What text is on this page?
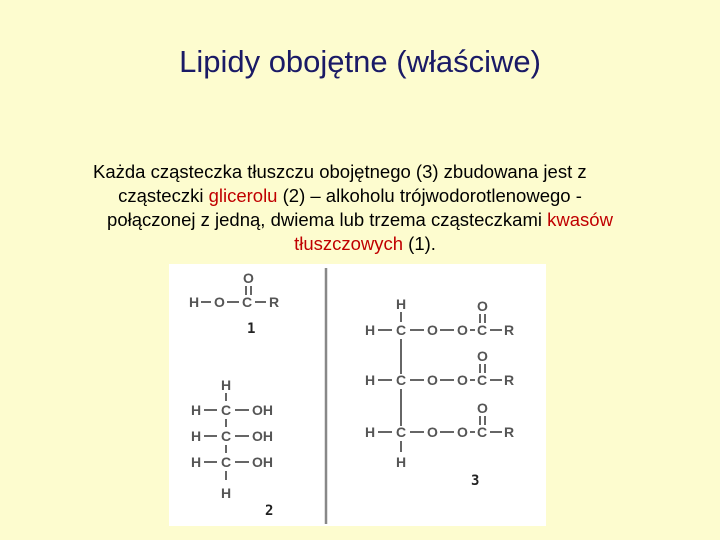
Lipidy obojętne (właściwe)
Każda cząsteczka tłuszczu obojętnego (3) zbudowana jest z
cząsteczki glicerolu (2) – alkoholu trójwodorotlenowego -
połączonej z jedną, dwiema lub trzema cząsteczkami kwasów
tłuszczowych (1).
H O C R
O
1
H
H C OH
H C OH
H C OH
H
2
H
H C O O C R
O
H C O O C R
O
H C O O C R
O
H
3
